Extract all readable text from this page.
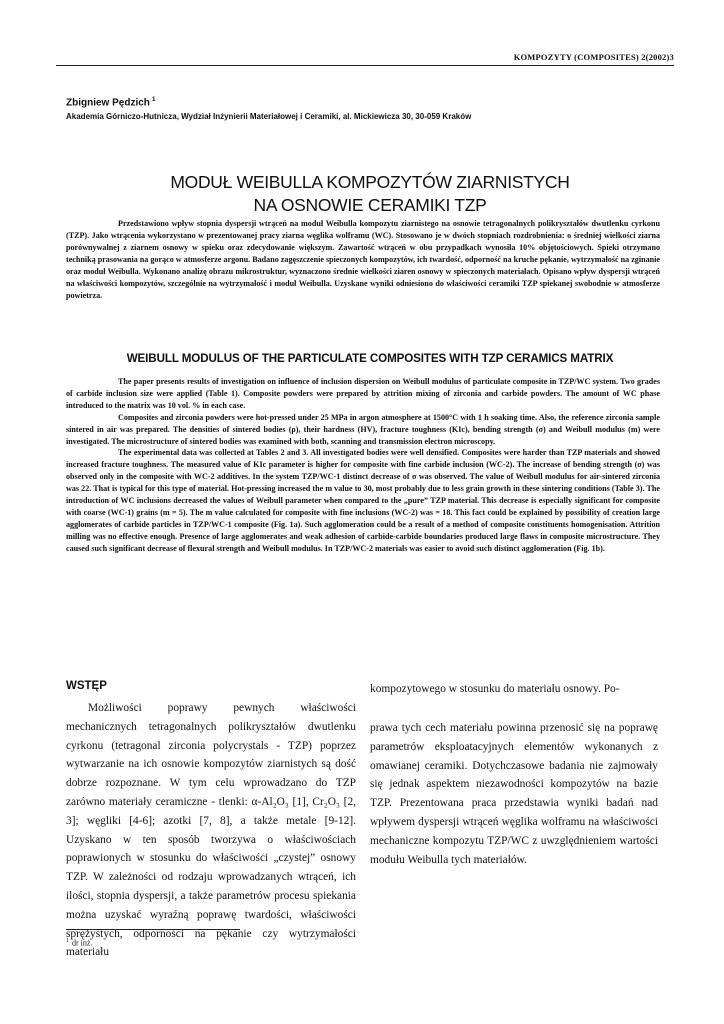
KOMPOZYTY (COMPOSITES) 2(2002)3
Zbigniew Pędzich $^1$
Akademia Górniczo-Hutnicza, Wydział Inżynierii Materiałowej i Ceramiki, al. Mickiewicza 30, 30-059 Kraków
MODUŁ WEIBULLA KOMPOZYTÓW ZIARNISTYCH
NA OSNOWIE CERAMIKI TZP

Przedstawiono wpływ stopnia dyspersji wtrąceń na moduł Weibulla kompozytu ziarnistego na osnowie tetragonalnych polikryształów dwutlenku cyrkonu (TZP). Jako wtrącenia wykorzystano w prezentowanej pracy ziarna węglika wolframu (WC). Stosowano je w dwóch stopniach rozdrobnienia: o średniej wielkości ziarna porównywalnej z ziarnem osnowy w spieku oraz zdecydowanie większym. Zawartość wtrąceń w obu przypadkach wynosiła 10% objętościowych. Spieki otrzymano techniką prasowania na gorąco w atmosferze argonu. Badano zagęszczenie spieczonych kompozytów, ich twardość, odporność na kruche pękanie, wytrzymałość na zginanie oraz moduł Weibulla. Wykonano analizę obrazu mikrostruktur, wyznaczono średnie wielkości ziaren osnowy w spieczonych materiałach. Opisano wpływ dyspersji wtrąceń na właściwości kompozytów, szczególnie na wytrzymałość i moduł Weibulla. Uzyskane wyniki odniesiono do właściwości ceramiki TZP spiekanej swobodnie w atmosferze powietrza.

WEIBULL MODULUS OF THE PARTICULATE COMPOSITES WITH TZP CERAMICS MATRIX

The paper presents results of investigation on influence of inclusion dispersion on Weibull modulus of particulate composite in TZP/WC system. Two grades of carbide inclusion size were applied (Table 1). Composite powders were prepared by attrition mixing of zirconia and carbide powders. The amount of WC phase introduced to the matrix was 10 vol. % in each case.

Composites and zirconia powders were hot-pressed under 25 MPa in argon atmosphere at 1500°C with 1 h soaking time. Also, the reference zirconia sample sintered in air was prepared. The densities of sintered bodies (ρ), their hardness (HV), fracture toughness (KIc), bending strength (σ) and Weibull modulus (m) were investigated. The microstructure of sintered bodies was examined with both, scanning and transmission electron microscopy.

The experimental data was collected at Tables 2 and 3. All investigated bodies were well densified. Composites were harder than TZP materials and showed increased fracture toughness. The measured value of KIc parameter is higher for composite with fine carbide inclusion (WC-2). The increase of bending strength (σ) was observed only in the composite with WC-2 additives. In the system TZP/WC-1 distinct decrease of σ was observed. The value of Weibull modulus for air-sintered zirconia was 22. That is typical for this type of material. Hot-pressing increased the m value to 30, most probably due to less grain growth in these sintering conditions (Table 3). The introduction of WC inclusions decreased the values of Weibull parameter when compared to the „pure” TZP material. This decrease is especially significant for composite with coarse (WC-1) grains (m = 5). The m value calculated for composite with fine inclusions (WC-2) was = 18. This fact could be explained by possibility of creation large agglomerates of carbide particles in TZP/WC-1 composite (Fig. 1a). Such agglomeration could be a result of a method of composite constituents homogenisation. Attrition milling was no effective enough. Presence of large agglomerates and weak adhesion of carbide-carbide boundaries produced large flaws in composite microstructure. They caused such significant decrease of flexural strength and Weibull modulus. In TZP/WC-2 materials was easier to avoid such distinct agglomeration (Fig. 1b).

WSTĘP
Możliwości poprawy pewnych właściwości mechanicznych tetragonalnych polikryształów dwutlenku cyrkonu (tetragonal zirconia polycrystals - TZP) poprzez wytwarzanie na ich osnowie kompozytów ziarnistych są dość dobrze rozpoznane. W tym celu wprowadzano do TZP zarówno materiały ceramiczne - tlenki: α-Al₂O₃ [1], Cr₂O₃ [2, 3]; węgliki [4-6]; azotki [7, 8], a także metale [9-12]. Uzyskano w ten sposób tworzywa o właściwościach poprawionych w stosunku do właściwości „czystej” osnowy TZP. W zależności od rodzaju wprowadzanych wtrąceń, ich ilości, stopnia dyspersji, a także parametrów procesu spiekania można uzyskać wyraźną poprawę twardości, właściwości sprężystych, odporności na pękanie czy wytrzymałości materiału
kompozytowego w stosunku do materiału osnowy. Po-
prawa tych cech materiału powinna przenosić się na poprawę parametrów eksploatacyjnych elementów wykonanych z omawianej ceramiki. Dotychczasowe badania nie zajmowały się jednak aspektem niezawodności kompozytów na bazie TZP. Prezentowana praca przedstawia wyniki badań nad wpływem dyspersji wtrąceń węglika wolframu na właściwości mechaniczne kompozytu TZP/WC z uwzględnieniem wartości modułu Weibulla tych materiałów.
$^1$ dr inż.
